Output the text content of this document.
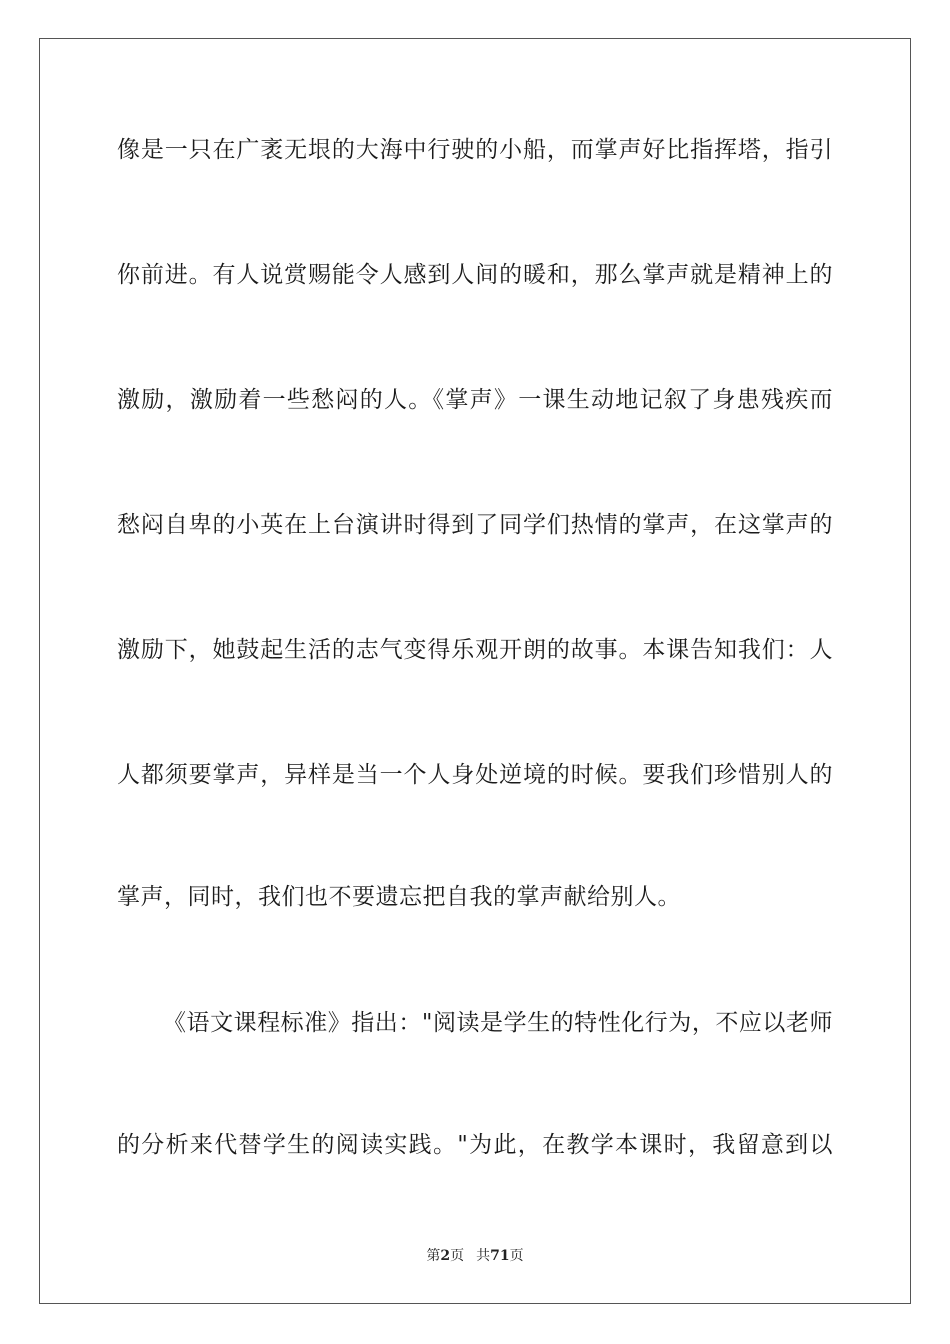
像是一只在广袤无垠的大海中行驶的小船，而掌声好比指挥塔，指引
你前进。有人说赏赐能令人感到人间的暖和，那么掌声就是精神上的
激励，激励着一些愁闷的人。《掌声》一课生动地记叙了身患残疾而
愁闷自卑的小英在上台演讲时得到了同学们热情的掌声，在这掌声的
激励下，她鼓起生活的志气变得乐观开朗的故事。本课告知我们：人
人都须要掌声，异样是当一个人身处逆境的时候。要我们珍惜别人的
掌声，同时，我们也不要遗忘把自我的掌声献给别人。
《语文课程标准》指出："阅读是学生的特性化行为，不应以老师
的分析来代替学生的阅读实践。"为此，在教学本课时，我留意到以
第2页 共71页
